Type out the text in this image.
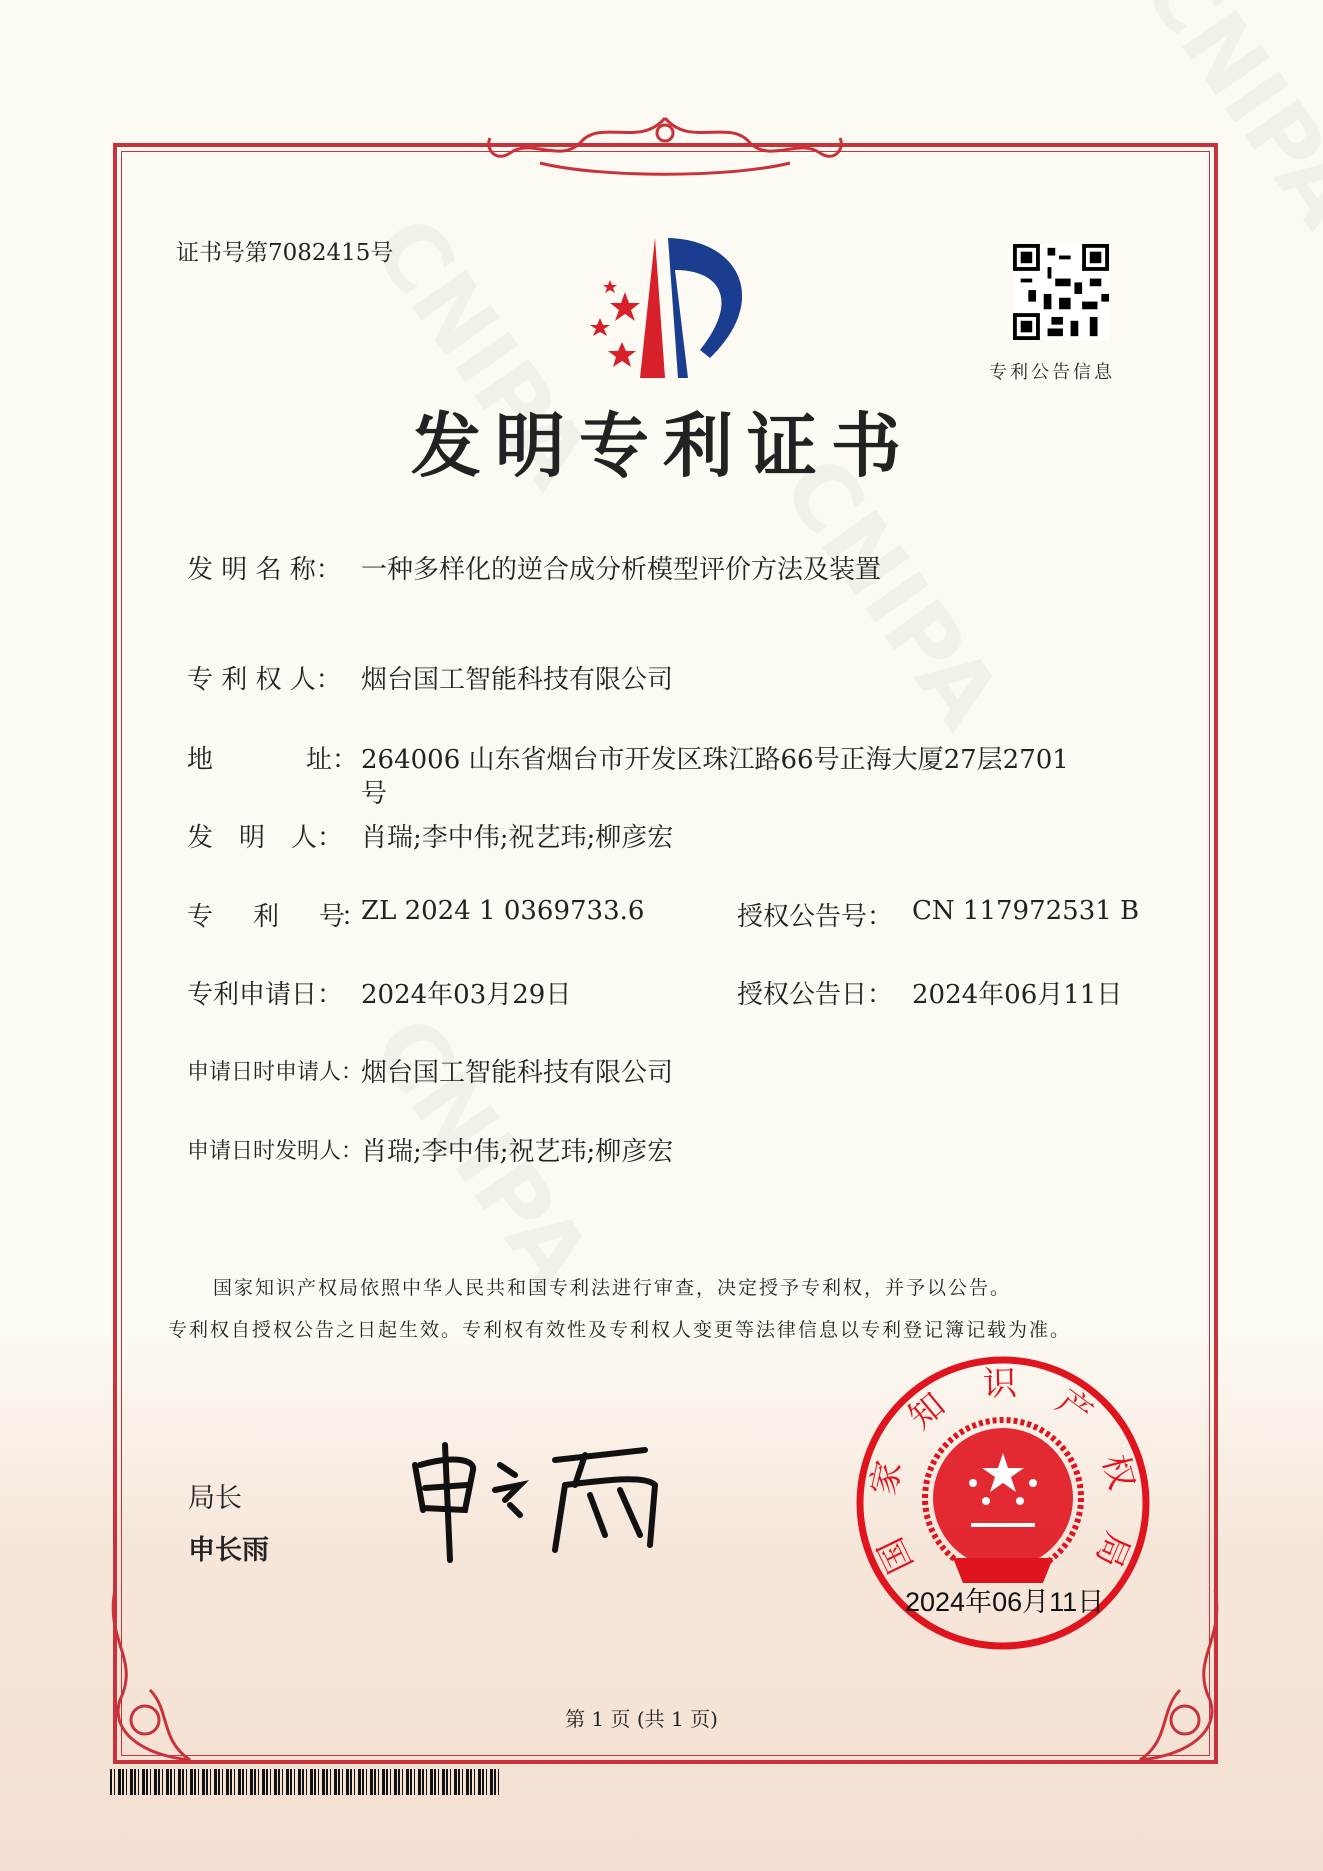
证书号第7082415号
专利公告信息
发明专利证书
发 明 名 称： 一种多样化的逆合成分析模型评价方法及装置
专 利 权 人： 烟台国工智能科技有限公司
地	址： 264006 山东省烟台市开发区珠江路66号正海大厦27层2701
号
发　明　人： 肖瑞;李中伟;祝艺玮;柳彦宏
专　　利　　号：
ZL 2024 1 0369733.6	授权公告号： CN 117972531 B
专利申请日： 2024年03月29日	授权公告日： 2024年06月11日
申请日时申请人：
烟台国工智能科技有限公司
申请日时发明人：
肖瑞;李中伟;祝艺玮;柳彦宏
国家知识产权局依照中华人民共和国专利法进行审查，决定授予专利权，并予以公告。
专利权自授权公告之日起生效。专利权有效性及专利权人变更等法律信息以专利登记簿记载为准。
局长
申长雨	国家知识产权局
2024年06月11日
第 1 页 (共 1 页)
